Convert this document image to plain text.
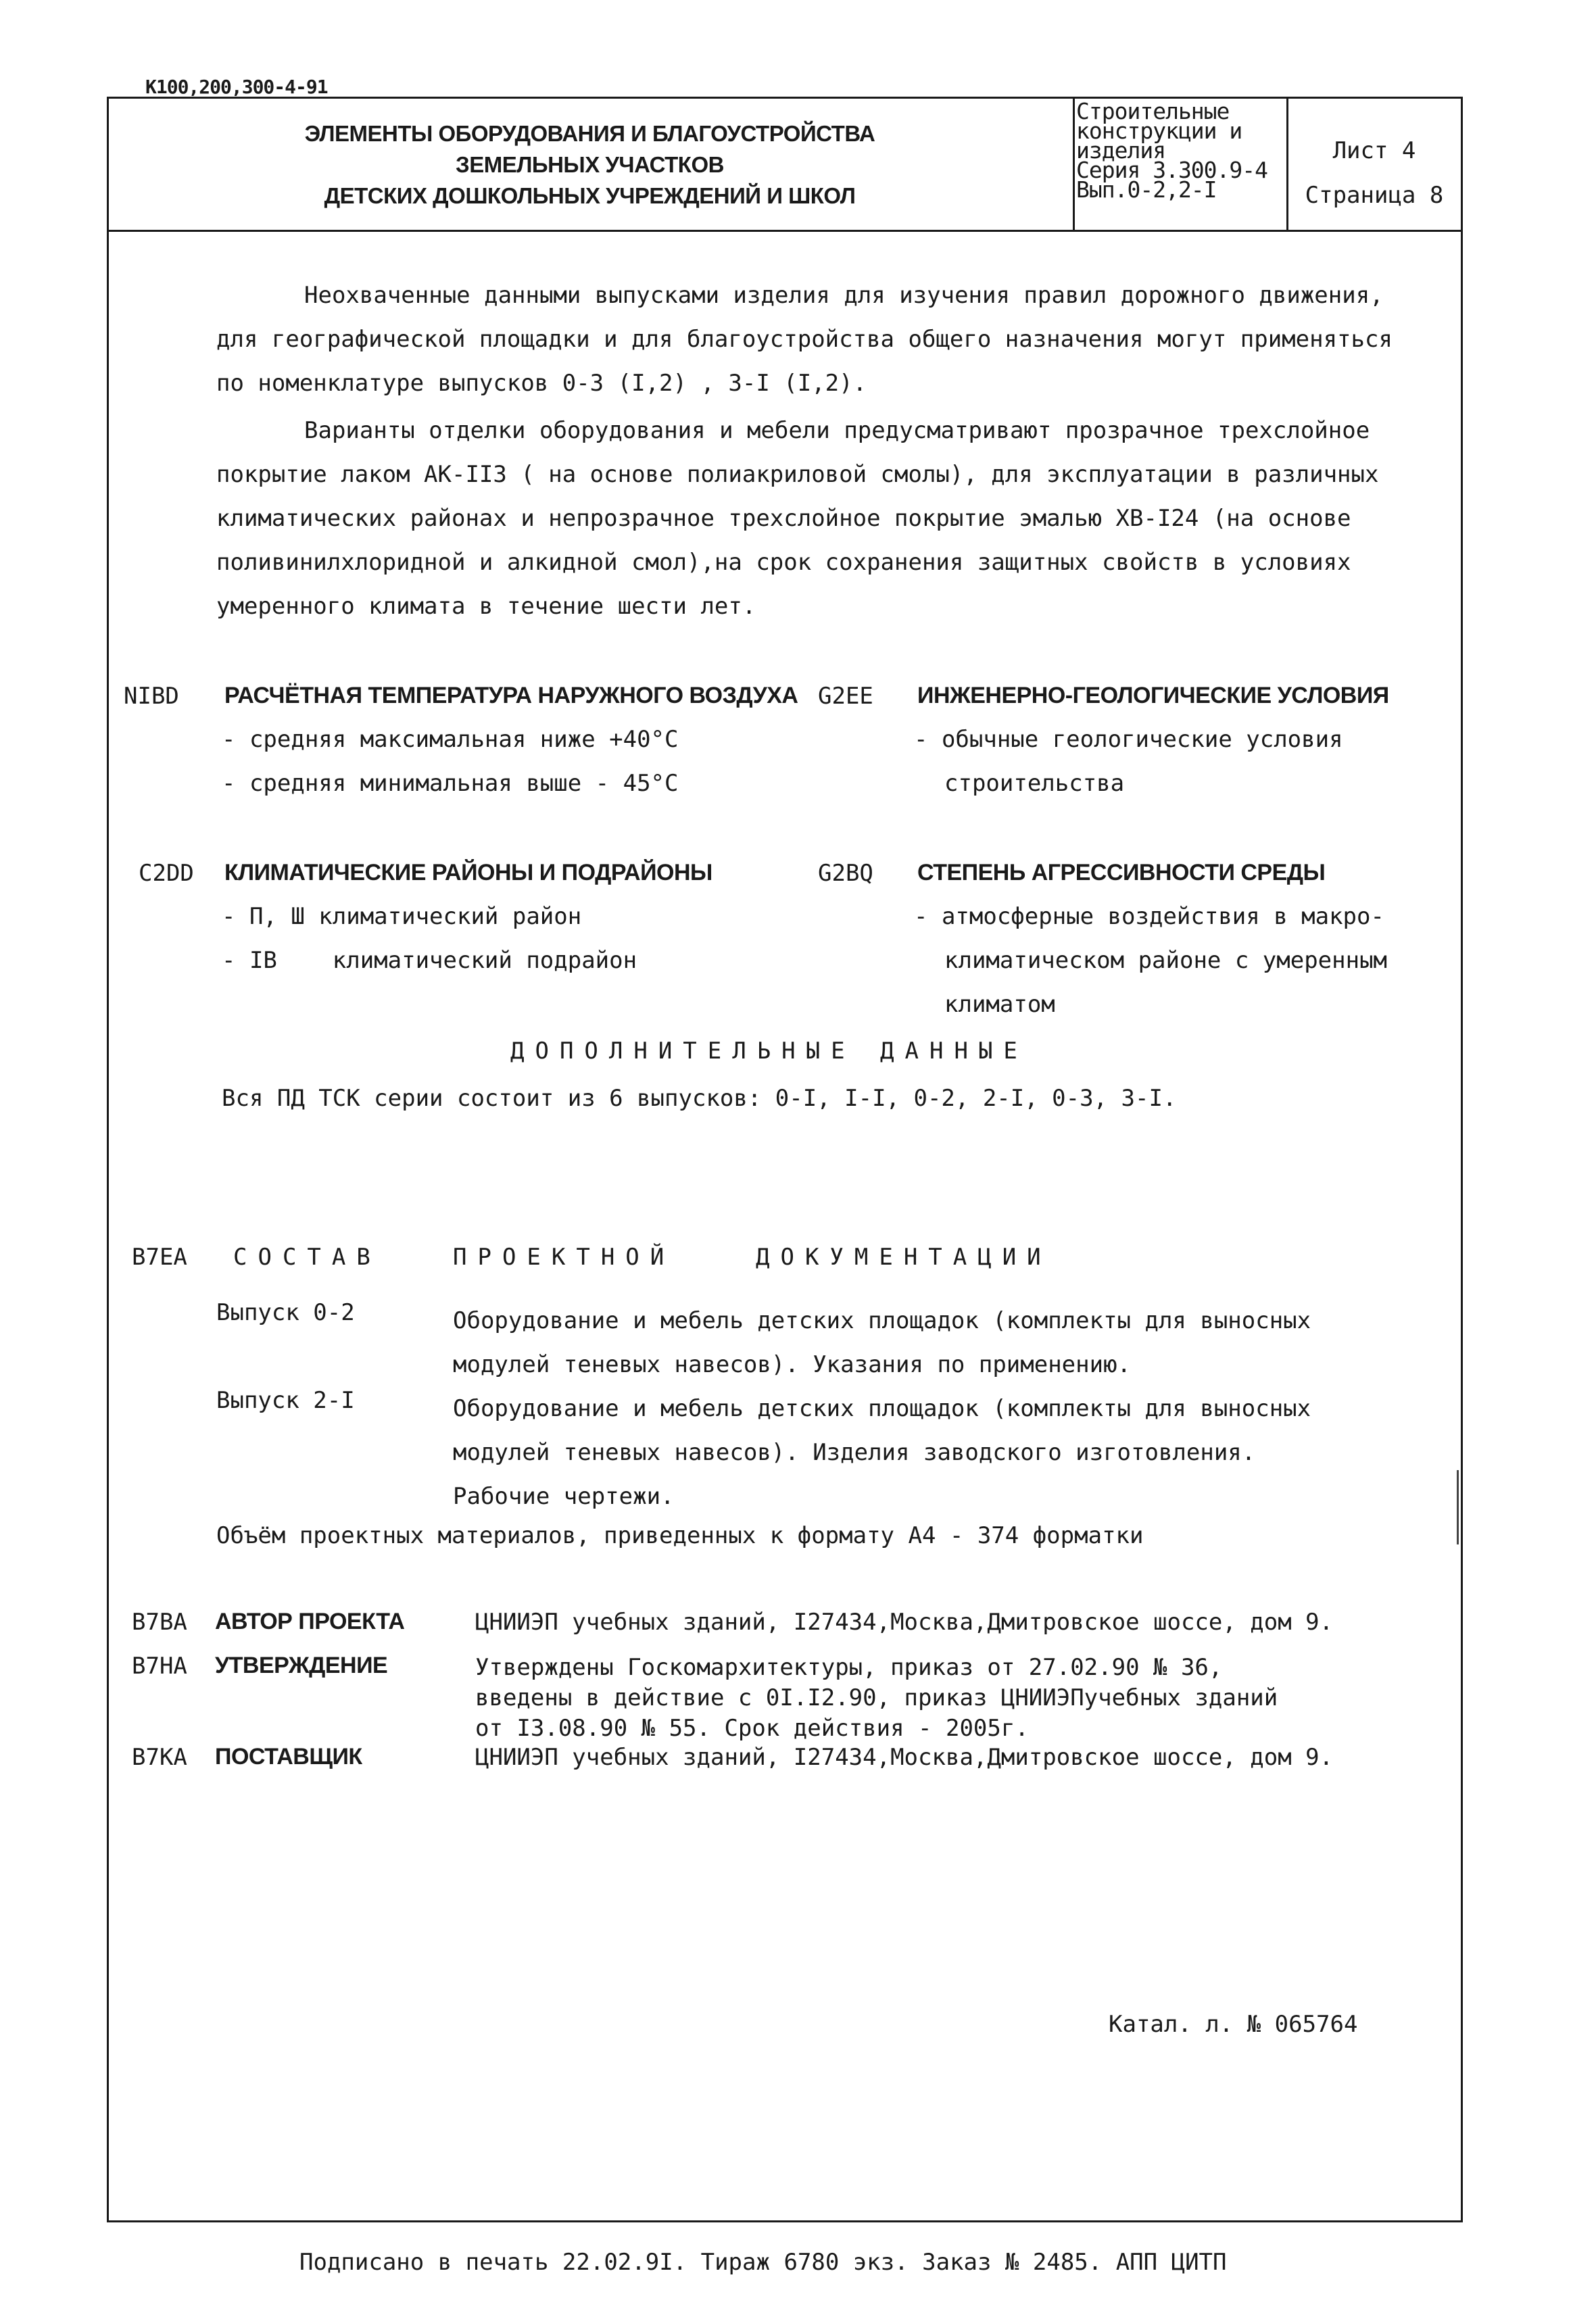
К100,200,300-4-91
ЭЛЕМЕНТЫ ОБОРУДОВАНИЯ И БЛАГОУСТРОЙСТВА
ЗЕМЕЛЬНЫХ УЧАСТКОВ
ДЕТСКИХ ДОШКОЛЬНЫХ УЧРЕЖДЕНИЙ И ШКОЛ
Строительные
конструкции и
изделия
Серия 3.300.9-4
Вып.0-2,2-I
Лист 4
Страница 8
Неохваченные данными выпусками изделия для изучения правил дорожного движения, для географической площадки и для благоустройства общего назначения могут применяться по номенклатуре выпусков 0-3 (I,2) , 3-I (I,2).
Варианты отделки оборудования и мебели предусматривают прозрачное трехслойное покрытие лаком АК-II3 ( на основе полиакриловой смолы), для эксплуатации в различных климатических районах и непрозрачное трехслойное покрытие эмалью ХВ-I24 (на основе поливинилхлоридной и алкидной смол),на срок сохранения защитных свойств в условиях умеренного климата в течение шести лет.
NIBD РАСЧЁТНАЯ ТЕМПЕРАТУРА НАРУЖНОГО ВОЗДУХА
- средняя максимальная ниже +40°С
- средняя минимальная выше - 45°С
G2EE ИНЖЕНЕРНО-ГЕОЛОГИЧЕСКИЕ УСЛОВИЯ
- обычные геологические условия
строительства
C2DD КЛИМАТИЧЕСКИЕ РАЙОНЫ И ПОДРАЙОНЫ
- П, Ш климатический район
- IB    климатический подрайон
G2BQ СТЕПЕНЬ АГРЕССИВНОСТИ СРЕДЫ
- атмосферные воздействия в макро-
климатическом районе с умеренным
климатом
ДОПОЛНИТЕЛЬНЫЕ ДАННЫЕ
Вся ПД ТСК серии состоит из 6 выпусков: 0-I, I-I, 0-2, 2-I, 0-3, 3-I.
B7EA СОСТАВ	ПРОЕКТНОЙ	ДОКУМЕНТАЦИИ
Выпуск 0-2	Оборудование и мебель детских площадок (комплекты для выносных
модулей теневых навесов). Указания по применению.
Выпуск 2-I	Оборудование и мебель детских площадок (комплекты для выносных
модулей теневых навесов). Изделия заводского изготовления.
Рабочие чертежи.
Объём проектных материалов, приведенных к формату А4 - 374 форматки
B7BA АВТОР ПРОЕКТА	ЦНИИЭП учебных зданий, I27434,Москва,Дмитровское шоссе, дом 9.
B7HA УТВЕРЖДЕНИЕ	Утверждены Госкомархитектуры, приказ от 27.02.90 № 36,
введены в действие с 0I.I2.90, приказ ЦНИИЭПучебных зданий
от I3.08.90 № 55. Срок действия - 2005г.
B7KA ПОСТАВЩИК	ЦНИИЭП учебных зданий, I27434,Москва,Дмитровское шоссе, дом 9.
Катал. л. № 065764
Подписано в печать 22.02.9I. Тираж 6780 экз. Заказ № 2485. АПП ЦИТП
